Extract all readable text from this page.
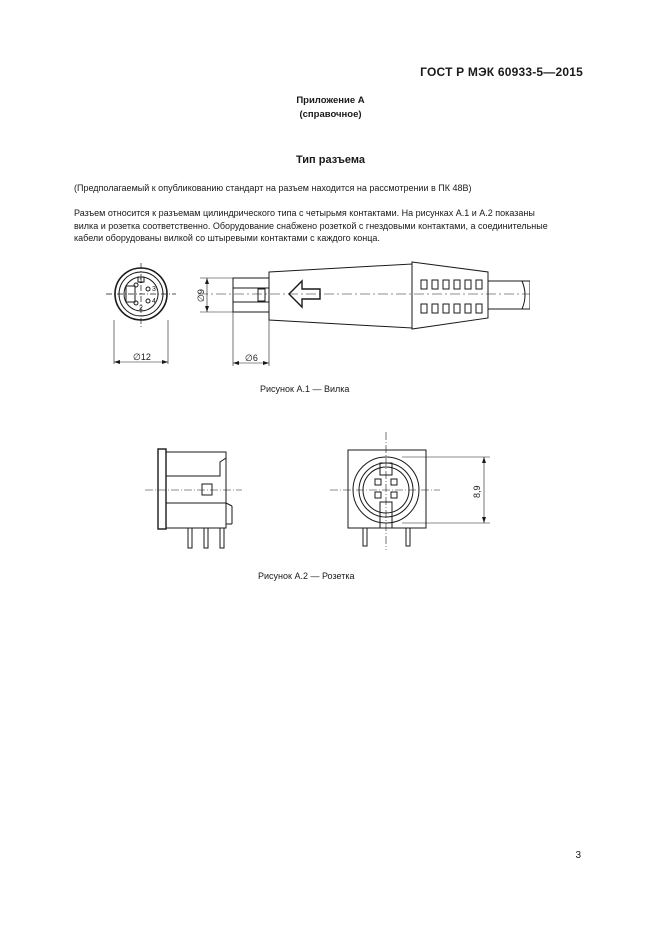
ГОСТ Р МЭК 60933-5—2015
Приложение А
(справочное)
Тип разъема
(Предполагаемый к опубликованию стандарт на разъем находится на рассмотрении в ПК 48В)

Разъем относится к разъемам цилиндрического типа с четырьмя контактами. На рисунках А.1 и А.2 показаны

вилка и розетка соответственно. Оборудование снабжено розеткой с гнездовыми контактами, а соединительные

кабели оборудованы вилкой со штыревыми контактами с каждого конца.

1
2
3
4
∅12
∅9
∅6
Рисунок А.1 — Вилка
8,9
Рисунок А.2 — Розетка
3
